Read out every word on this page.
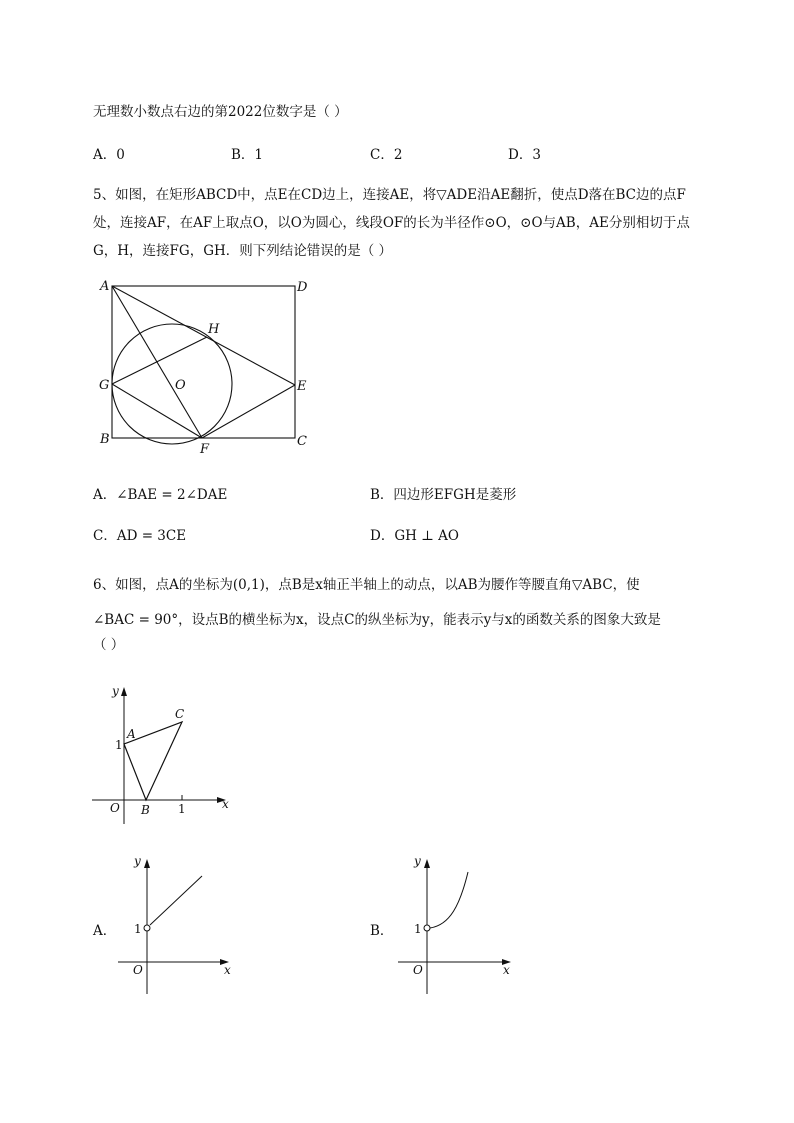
无理数小数点右边的第2022位数字是（ ）
A．0	B．1	C．2	D．3
5、如图，在矩形ABCD中，点E在CD边上，连接AE，将▽ADE沿AE翻折，使点D落在BC边的点F
处，连接AF，在AF上取点O，以O为圆心，线段OF的长为半径作⊙O，⊙O与AB，AE分别相切于点
G，H，连接FG，GH．则下列结论错误的是（ ）
A	D
H
G	O	E
B
F
C
A．∠BAE = 2∠DAE	B．四边形EFGH是菱形
C．AD = 3CE	D．GH ⊥ AO
6、如图，点A的坐标为(0,1)，点B是x轴正半轴上的动点，以AB为腰作等腰直角▽ABC，使
∠BAC = 90°，设点B的横坐标为x，设点C的纵坐标为y，能表示y与x的函数关系的图象大致是
（ ）
y
x
O
A
B
C
1
1
A．
y
x
O
1	B．
y
x
O
1
